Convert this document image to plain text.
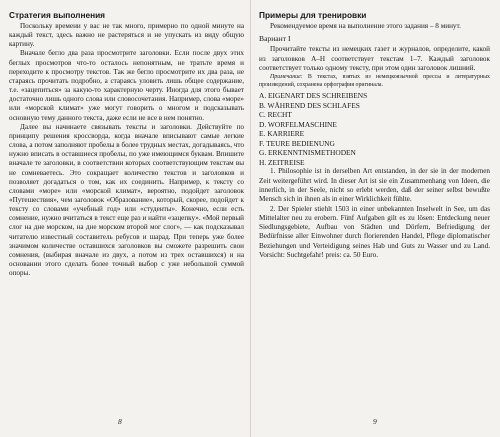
Стратегия выполнения

Поскольку времени у вас не так много, примерно по одной минуте на каждый текст, здесь важно не растеряться и не упускать из виду общую картину.

Вначале бегло два раза просмотрите заголовки. Если после двух этих беглых просмотров что-то осталось непонятным, не тратьте время и переходите к просмотру текстов. Так же бегло просмотрите их два раза, не стараясь прочитать подробно, а стараясь уловить лишь общее содержание, т.е. «зацепиться» за какую-то характерную черту. Иногда для этого бывает достаточно лишь одного слова или словосочетания. Например, слова «море» или «морской климат» уже могут говорить о многом и подсказывать основную тему данного текста, даже если не все в нем понятно.

Далее вы начинаете связывать тексты и заголовки. Действуйте по принципу решения кроссворда, когда вначале вписывают самые легкие слова, а потом заполняют пробелы в более трудных местах, догадываясь, что нужно вписать в оставшиеся пробелы, по уже имеющимся буквам. Впишите вначале те заголовки, в соответствии которых соответствующим текстам вы не сомневаетесь. Это сокращает количество текстов и заголовков и позволяет догадаться о том, как их соединить. Например, к тексту со словами «море» или «морской климат», вероятно, подойдет заголовок «Путешествия», чем заголовок «Образование», который, скорее, подойдет к тексту со словами «учебный год» или «студенты». Конечно, если есть сомнение, нужно вчитаться в текст еще раз и найти «зацепку». «Мой первый слог на дне морском, на дне морском второй мог слог», — как подсказывал читателю известный составитель ребусов и шарад. При теперь уже более значимом количестве оставшихся заголовков вы сможете разрешить свои сомнения, (выбирая вначале из двух, а потом из трех оставшихся) и на основании этого сделать более точный выбор с уже небольшой суммой опоры.

8
Примеры для тренировки

Рекомендуемое время на выполнение этого задания – 8 минут.

Вариант I

Прочитайте тексты из немецких газет и журналов, определите, какой из заголовков A–H соответствует текстам 1–7. Каждый заголовок соответствует только одному тексту, при этом один заголовок лишний.

Примечание: В текстах, взятых из немецкоязычной прессы и литературных произведений, сохранена орфография оригинала.
A. EIGENART DES SCHREIBENS
B. WÄHREND DES SCHLAFES
C. RECHT
D. WORFELMASCHINE
E. KARRIERE
F. TEURE BEDIENUNG
G. ERKENNTNISMETHODEN
H. ZEITREISE

1. Philosophie ist in derselben Art entstanden, in der sie in der modernen Zeit weitergeführt wird. In dieser Art ist sie ein Zusammenhang von Ideen, die innerlich, in der Seele, nicht so erlebt werden, daß der seiner selbst bewußte Mensch sich in ihnen als in einer Wirklichkeit fühlte.

2. Der Spieler stiehlt 1503 in einer unbekannten Inselwelt in See, um das Mittelalter neu zu erobern. Fünf Aufgaben gilt es zu lösen: Entdeckung neuer Siedlungsgebiete, Aufbau von Städten und Dörfern, Befriedigung der Bedürfnisse aller Einwohner durch florierenden Handel, Pflege diplomatischer Beziehungen und Verteidigung seines Hab und Guts zu Wasser und zu Land. Vorsicht: Suchtgefahr! preis: ca. 50 Euro.

9
